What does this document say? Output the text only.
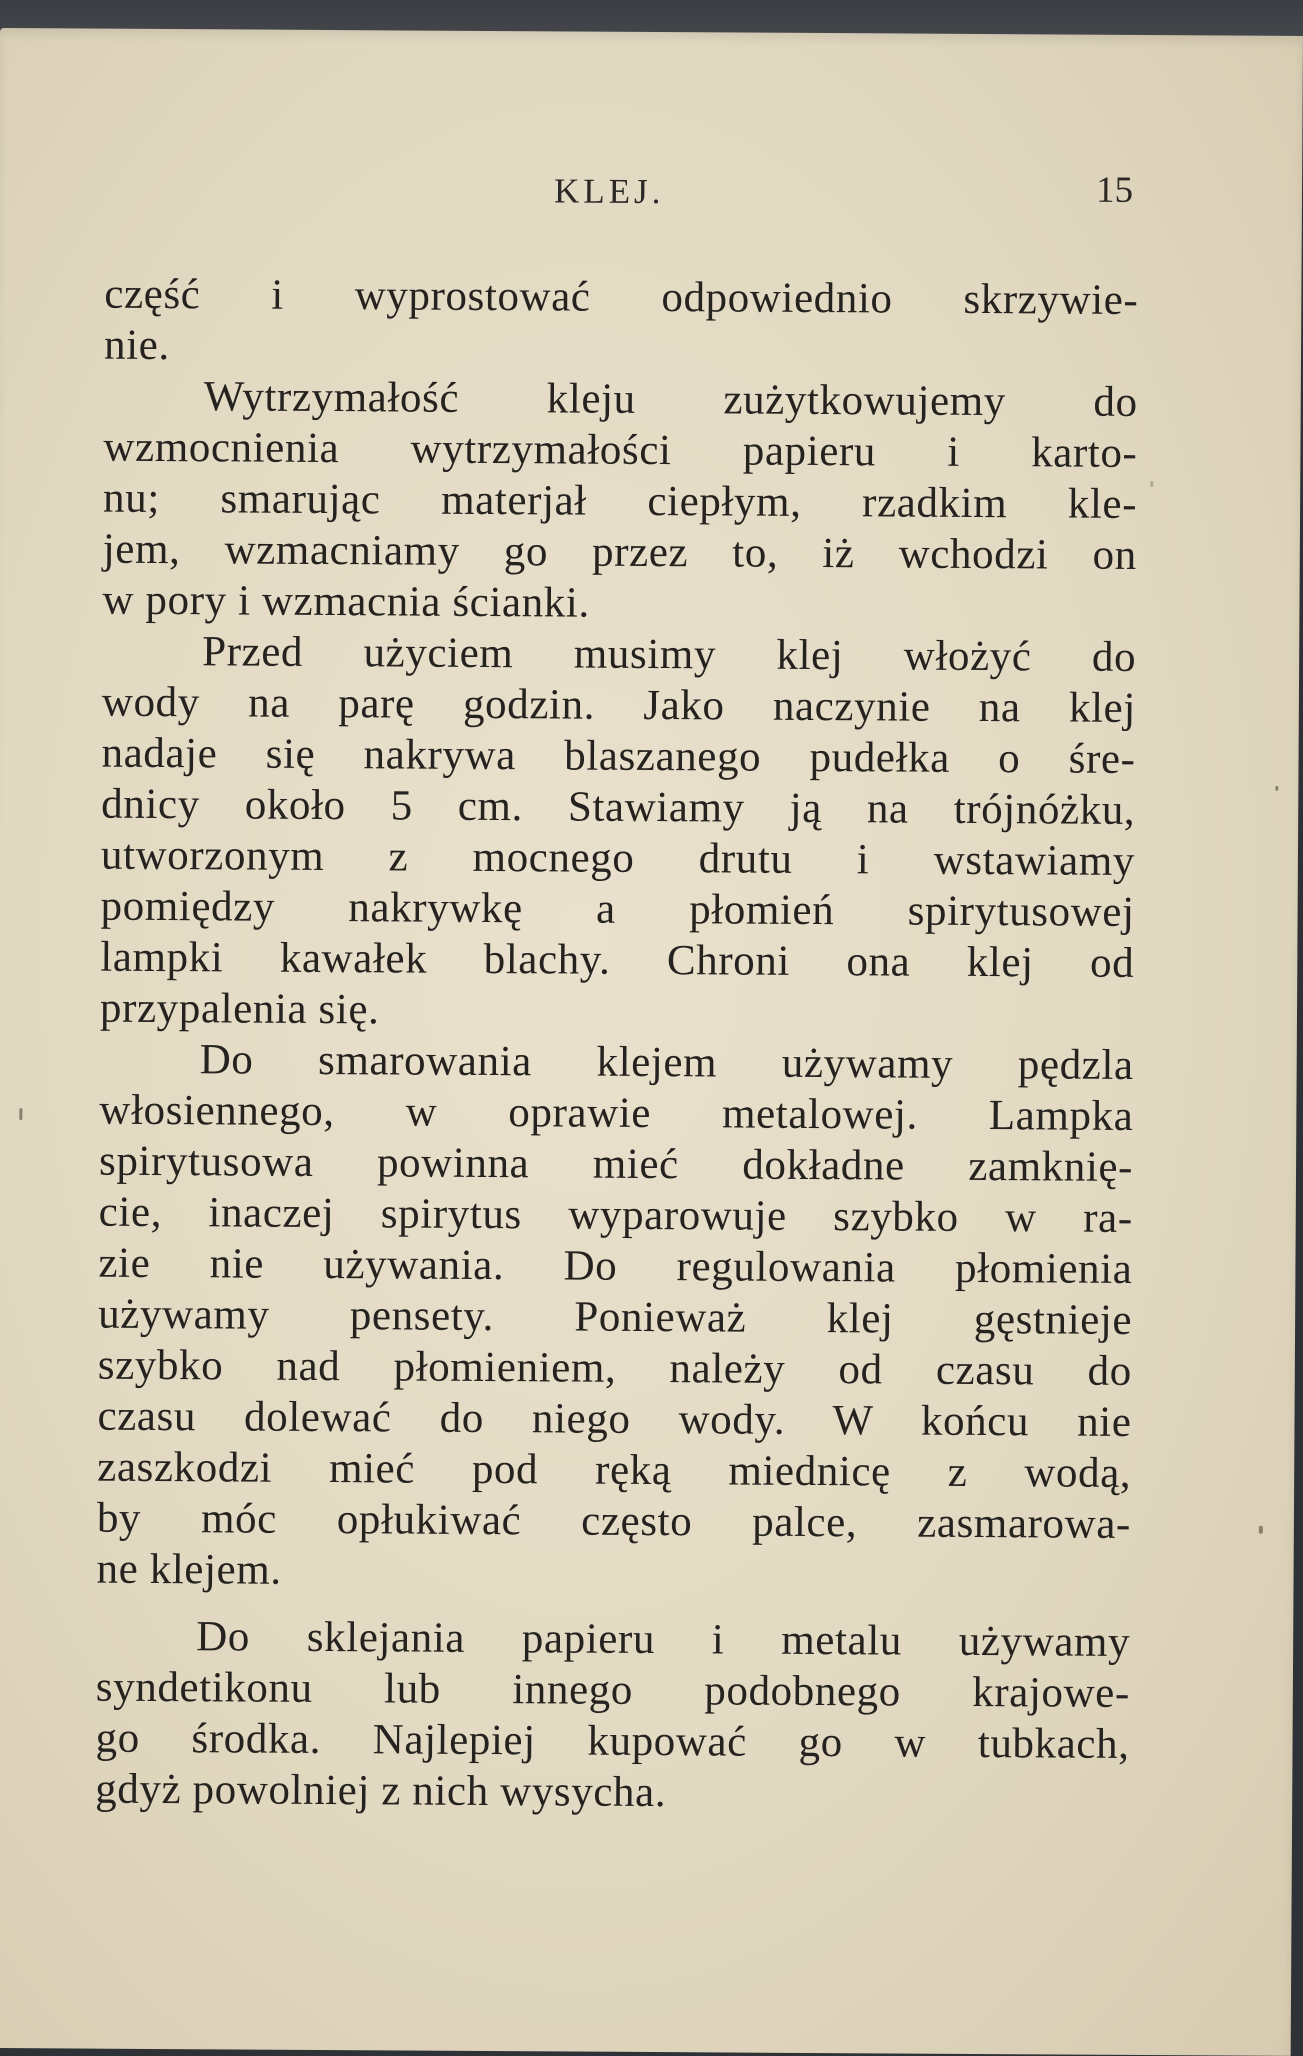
KLEJ.	15
część i wyprostować odpowiednio skrzywie-
nie.
Wytrzymałość kleju zużytkowujemy do
wzmocnienia wytrzymałości papieru i karto-
nu; smarując materjał ciepłym, rzadkim kle-
jem, wzmacniamy go przez to, iż wchodzi on
w pory i wzmacnia ścianki.
Przed użyciem musimy klej włożyć do
wody na parę godzin. Jako naczynie na klej
nadaje się nakrywa blaszanego pudełka o śre-
dnicy około 5 cm. Stawiamy ją na trójnóżku,
utworzonym z mocnego drutu i wstawiamy
pomiędzy nakrywkę a płomień spirytusowej
lampki kawałek blachy. Chroni ona klej od
przypalenia się.
Do smarowania klejem używamy pędzla
włosiennego, w oprawie metalowej. Lampka
spirytusowa powinna mieć dokładne zamknię-
cie, inaczej spirytus wyparowuje szybko w ra-
zie nie używania. Do regulowania płomienia
używamy pensety. Ponieważ klej gęstnieje
szybko nad płomieniem, należy od czasu do
czasu dolewać do niego wody. W końcu nie
zaszkodzi mieć pod ręką miednicę z wodą,
by móc opłukiwać często palce, zasmarowa-
ne klejem.
Do sklejania papieru i metalu używamy
syndetikonu lub innego podobnego krajowe-
go środka. Najlepiej kupować go w tubkach,
gdyż powolniej z nich wysycha.
